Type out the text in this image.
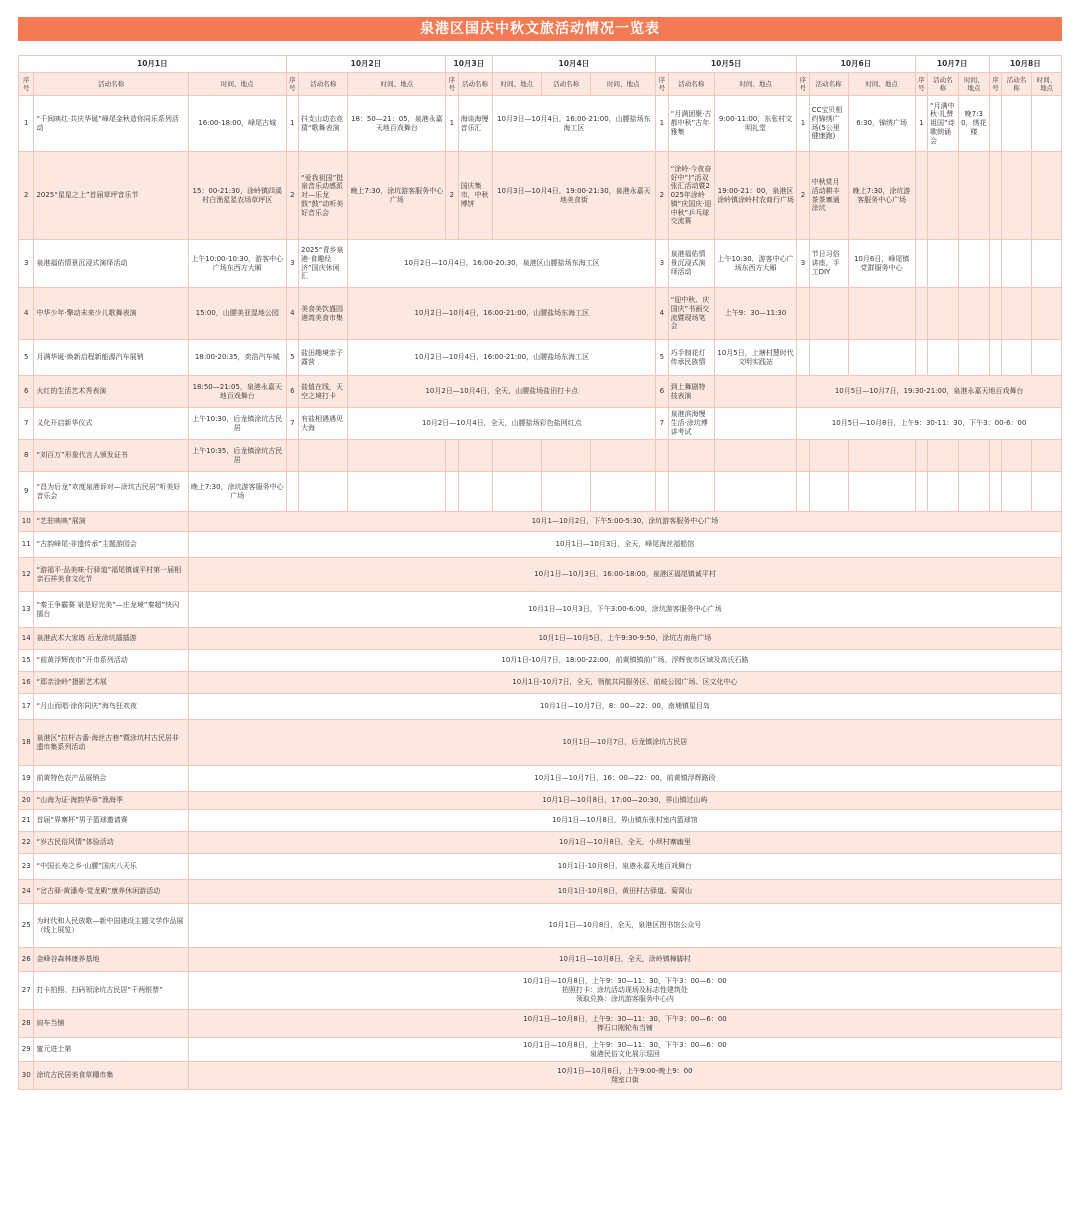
泉港区国庆中秋文旅活动情况一览表
10月1日			10月2日			10月3日		10月4日			10月5日			10月6日			10月7日			10月8日		

序号	活动名称	时间、地点	序号	活动名称	时间、地点	序号	活动名称	时间、地点	活动名称	时间、地点	序号	活动名称	时间、地点	序号	活动名称	时间、地点	序号	活动名称	时间、地点	序号	活动名称	时间、地点

1	“千间映红·共庆华诞”峰尾金秋造你同乐系列活动	16:00-18:00，峰尾古城	1	抖支山动态竞猜“歌舞表演	18：50—21：05，泉港永嘉天地百戏舞台	1	海谈海慢音乐汇	10月3日—10月4日，16:00-21:00，山腰盐场东海工区			1	“月满团聚·古都中秋”古年雅集	9:00-11:00，东张村文明礼堂	1	CC宝贝相约锦绣广场(5公里健康跑)	6:30，锦绣广场	1	“月满中秋·礼赞祖国”诗歌朗诵会	晚7:30，绣花楼			

2	2025“星星之上”首届草坪音乐节	15：00-21:30，涂岭镇四溪村白渔星星农场草坪区	2	“爱我祖国”挺泉音乐动感派对—乐龙鼓“鼓”动听美好音乐会	晚上7:30，涂坑游客服务中心广场	2	国庆集市，中秋博饼	10月3日—10月4日，19:00-21:30，泉港永嘉天地美食街			2	“涂岭·今夜奋好中”)”活双张汇活动暨2025年涂岭镇“庆国庆·迎中秋”乒乓球交流赛	19:00-21：00，泉港区涂岭镇涂岭村农商行广场	2	中秋赏月活动耕丰茶茶寨通涂坑	晚上7:30，涂坑游客服务中心广场						

3	泉港福佑情景沉浸式演绎活动	上午10:00-10:30，游客中心广场东西方大厢	3	2025“青乡泉港·食趣经济”国庆休闲汇	10月2日—10月4日，16:00-20:30，泉港区山腰盐场东海工区						3	泉港福佑情景沉浸式演绎活动	上午10:30，游客中心广场东西方大厢	3	节日习俗讲座，手工DIY	10月6日，峰尾镇党群服务中心						

4	中华少年·擎动未来少儿歌舞表演	15:00，山腰美亚湿地公园	4	美食美饮盛园港湾美食市集	10月2日—10月4日，16:00-21:00，山腰盐场东海工区						4	“迎中秋、庆国庆”书画交流暨现场笔会	上午9：30—11:30									

5	月满华诞·焕新启程新能源汽车展销	18:00-20:35，奕浩汽车城	5	盐田趣境亲子露营	10月2日—10月4日，16:00-21:00，山腰盐场东海工区						5	巧手制花灯传承民族情	10月5日，上塘村慧时代文明实践站									

6	火红的生活艺术秀表演	18:50—21:05，泉港永嘉天地百戏舞台	6	盐值在线，天空之境打卡	10月2日—10月4日，全天，山腰盐场盐田打卡点						6	到上舞剧特技表演		10月5日—10月7日，19:30-21:00，泉港永嘉天地百戏舞台								

7	义化开启新华仪式	上午10:30，后龙镇涂坑古民居	7	有盐相遇遇见大海	10月2日—10月4日，全天，山腰盐场彩色盐网红点						7	泉港滨海慢生活·涂坑博讲考试		10月5日—10月8日，上午9：30-11：30，下午3：00-6：00								

8	“刘百万”形象代言人颁发证书	上午10:35，后龙镇涂坑古民居																				

9	“昌为后龙”欢度泉港诉对—涂坑古民居”听美好音乐会	晚上7:30，涂坑游客服务中心广场																				

10	“艺驻映映”展演	10月1—10月2日，下午5:00-5:30，涂坑游客服务中心广场																				

11	“古韵峰尾·非遗传承”主题游园会	10月1日—10月3日，全天，峰尾海丝福船馆																				

12	“游福平·品美味·行驿道”福尾镇诚平村第一届相亲石祥美食文化节	10月1日—10月3日，16:00-18:00，泉港区福尾镇诚平村																				

13	“秦王争霸赛 泉是好完美”—庄龙境”秦超”快闪擂台	10月1日—10月3日，下午3:00-6:00，涂坑游客服务中心广场																				

14	泉港武术大家练 后龙涂坑擂擂游	10月1日—10月5日，上午9:30-9:50，涂坑古南角广场																				

15	“前黄浮辉夜市”开市系列活动	10月1日-10月7日，18:00-22:00，前黄镇镇前广场、浮辉夜市区域及高氏石路																				

16	“耶亲涂岭”摄影艺术展	10月1日-10月7日，全天，领航共同服务区、前岐公园广场、区文化中心																				

17	“月山而唱·涂你同庆”海鸟狂欢夜	10月1日—10月7日，8：00—22：00，南埔镇星目岛																				

18	泉港区“拉杆吉番·海丝古巷”暨涂坑村古民居非遗市集系列活动	10月1日—10月7日，后龙镇涂坑古民居																				

19	前黄特色农产品展销会	10月1日—10月7日，16：00—22：00，前黄镇浮辉路段																				

20	“山海为证·海韵华章”渔海季	10月1日—10月8日，17:00—20:30，界山镇过山屿																				

21	首届“界寨杯”男子篮球邀请赛	10月1日—10月8日，界山镇东张村室内篮球馆																				

22	“岁古民俗风情”体验活动	10月1日—10月8日，全天，小坝村寨幽里																				

23	“中国长寿之乡·山腰”国庆八天乐	10月1日-10月8日，泉港永嘉天地百戏舞台																				

24	“岔古驿·黄潘寿·觉龙殿”康养休闲游活动	10月1日-10月8日，黄田村古驿道、菊窝山																				

25	为时代和人民放歌—新中国建设主题文学作品展（线上展览）	10月1日—10月8日，全天，泉港区图书馆公众号																				

26	金峰谷森林康养基地	10月1日—10月8日，全天，涂岭镇樟脚村																				

27	打卡拍照、扫码领涂坑古民居“千两银票”	10月1日—10月8日，上午9：30—11：30，下午3：00—6：00
拍照打卡：涂坑活动现场及标志性建筑处
领取兑换：涂坑游客服务中心内																				

28	肩车当铺	10月1日—10月8日，上午9：30—11：30，下午3：00—6：00
捧石口刚轮布当铺																				

29	蜜元进士第	10月1日—10月8日，上午9：30—11：30，下午3：00—6：00
泉港民俗文化展示巡回																				

30	涂坑古民居美食草棚市集	10月1日—10月8日，上午9:00-晚上9：00
翔室口街																				
